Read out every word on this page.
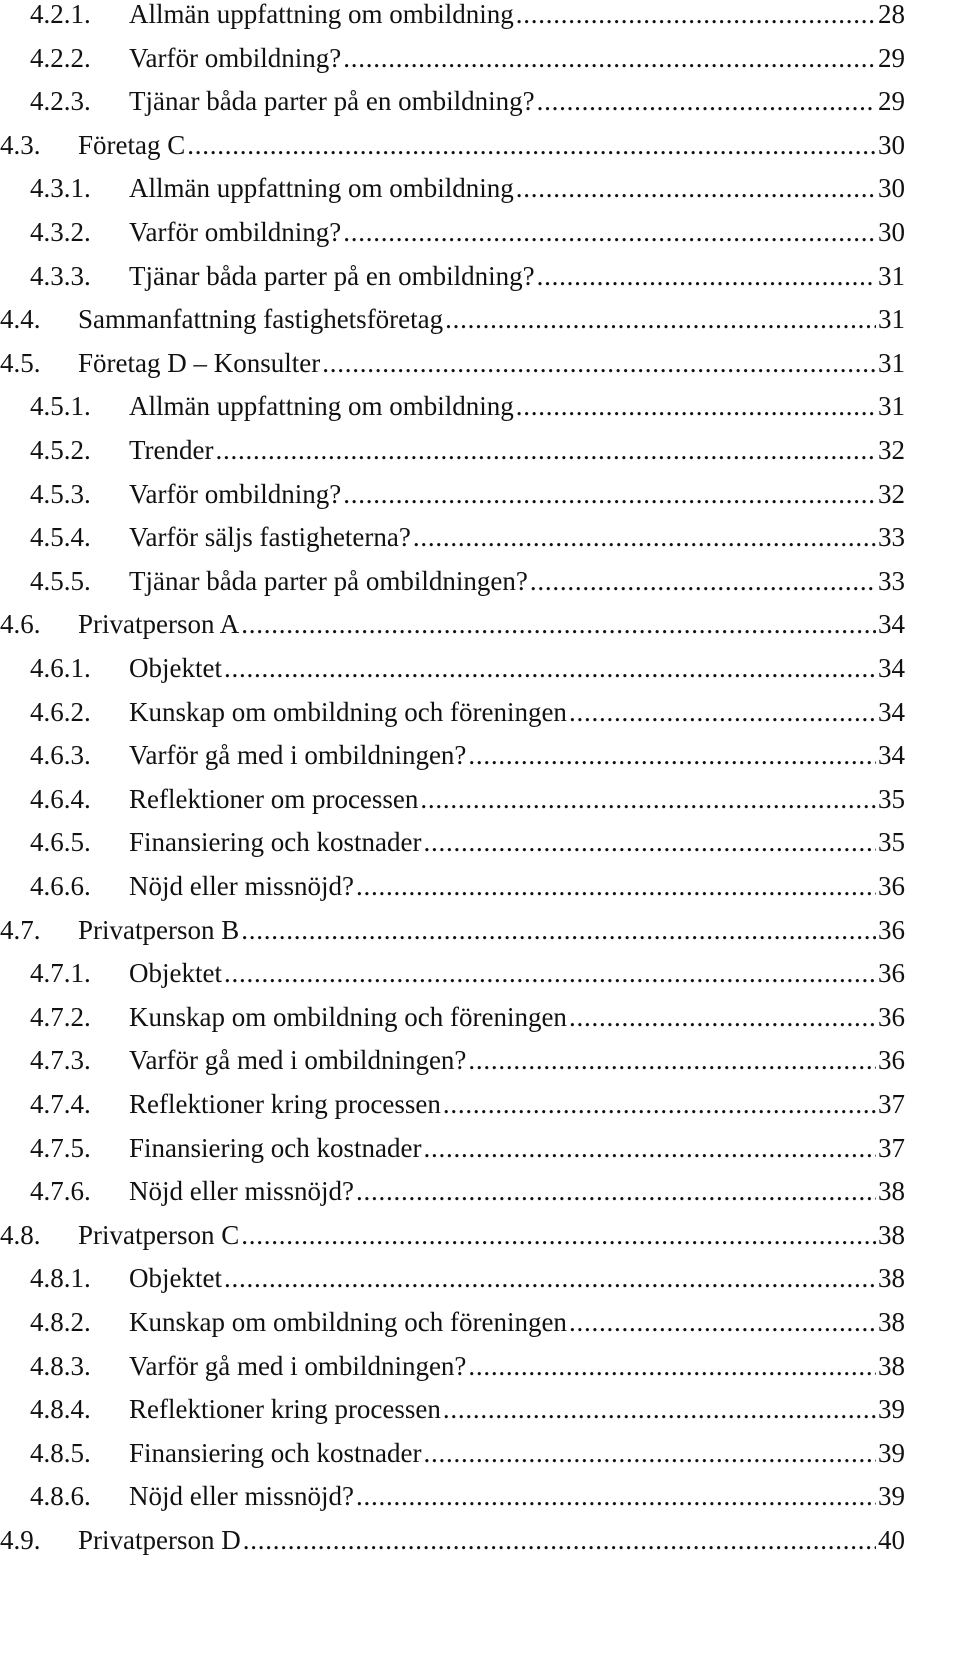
4.2.1.	Allmän uppfattning om ombildning . . .	28
4.2.2.	Varför ombildning? . . .	29
4.2.3.	Tjänar båda parter på en ombildning? . . .	29
4.3.	Företag C . . .	30
4.3.1.	Allmän uppfattning om ombildning . . .	30
4.3.2.	Varför ombildning? . . .	30
4.3.3.	Tjänar båda parter på en ombildning? . . .	31
4.4.	Sammanfattning fastighetsföretag . . .	31
4.5.	Företag D – Konsulter . . .	31
4.5.1.	Allmän uppfattning om ombildning . . .	31
4.5.2.	Trender . . .	32
4.5.3.	Varför ombildning? . . .	32
4.5.4.	Varför säljs fastigheterna? . . .	33
4.5.5.	Tjänar båda parter på ombildningen? . . .	33
4.6.	Privatperson A . . .	34
4.6.1.	Objektet . . .	34
4.6.2.	Kunskap om ombildning och föreningen . . .	34
4.6.3.	Varför gå med i ombildningen? . . .	34
4.6.4.	Reflektioner om processen . . .	35
4.6.5.	Finansiering och kostnader . . .	35
4.6.6.	Nöjd eller missnöjd? . . .	36
4.7.	Privatperson B . . .	36
4.7.1.	Objektet . . .	36
4.7.2.	Kunskap om ombildning och föreningen . . .	36
4.7.3.	Varför gå med i ombildningen? . . .	36
4.7.4.	Reflektioner kring processen . . .	37
4.7.5.	Finansiering och kostnader . . .	37
4.7.6.	Nöjd eller missnöjd? . . .	38
4.8.	Privatperson C . . .	38
4.8.1.	Objektet . . .	38
4.8.2.	Kunskap om ombildning och föreningen . . .	38
4.8.3.	Varför gå med i ombildningen? . . .	38
4.8.4.	Reflektioner kring processen . . .	39
4.8.5.	Finansiering och kostnader . . .	39
4.8.6.	Nöjd eller missnöjd? . . .	39
4.9.	Privatperson D . . .	40
